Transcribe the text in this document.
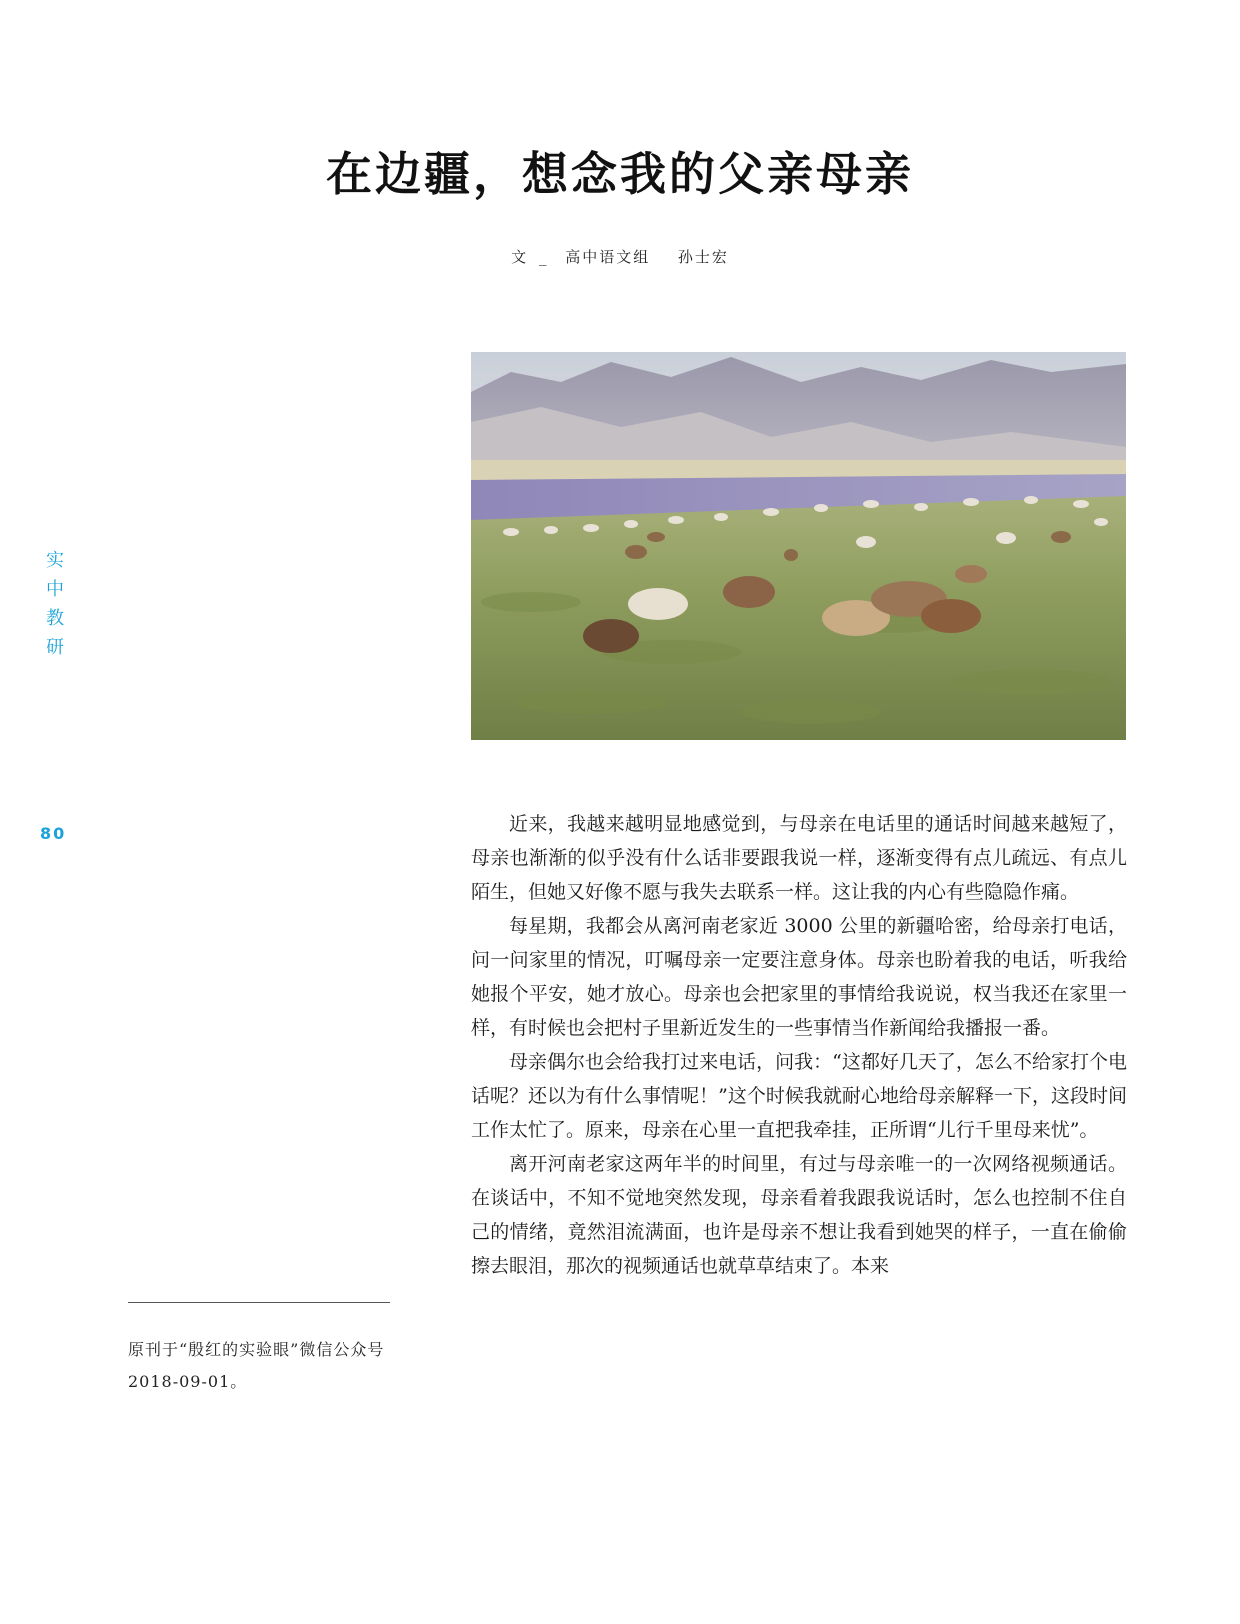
在边疆，想念我的父亲母亲
文 _ 高中语文组 孙士宏
实
中
教
研
80	近来，我越来越明显地感觉到，与母亲在电话里的通话时间越来越短了，母亲也渐渐的似乎没有什么话非要跟我说一样，逐渐变得有点儿疏远、有点儿陌生，但她又好像不愿与我失去联系一样。这让我的内心有些隐隐作痛。

每星期，我都会从离河南老家近 3000 公里的新疆哈密，给母亲打电话，问一问家里的情况，叮嘱母亲一定要注意身体。母亲也盼着我的电话，听我给她报个平安，她才放心。母亲也会把家里的事情给我说说，权当我还在家里一样，有时候也会把村子里新近发生的一些事情当作新闻给我播报一番。

母亲偶尔也会给我打过来电话，问我：“这都好几天了，怎么不给家打个电话呢？还以为有什么事情呢！”这个时候我就耐心地给母亲解释一下，这段时间工作太忙了。原来，母亲在心里一直把我牵挂，正所谓“儿行千里母来忧”。

离开河南老家这两年半的时间里，有过与母亲唯一的一次网络视频通话。在谈话中，不知不觉地突然发现，母亲看着我跟我说话时，怎么也控制不住自己的情绪，竟然泪流满面，也许是母亲不想让我看到她哭的样子，一直在偷偷擦去眼泪，那次的视频通话也就草草结束了。本来

原刊于“殷红的实验眼”微信公众号 2018-09-01。
